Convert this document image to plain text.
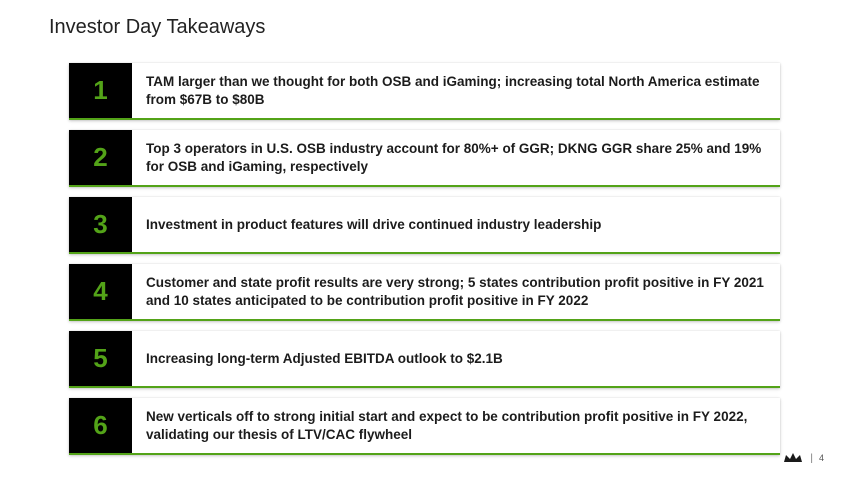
Investor Day Takeaways
1	TAM larger than we thought for both OSB and iGaming; increasing total North America estimate from $67B to $80B
2	Top 3 operators in U.S. OSB industry account for 80%+ of GGR; DKNG GGR share 25% and 19% for OSB and iGaming, respectively
3	Investment in product features will drive continued industry leadership
4	Customer and state profit results are very strong; 5 states contribution profit positive in FY 2021 and 10 states anticipated to be contribution profit positive in FY 2022
5	Increasing long-term Adjusted EBITDA outlook to $2.1B
6	New verticals off to strong initial start and expect to be contribution profit positive in FY 2022, validating our thesis of LTV/CAC flywheel
| 4
